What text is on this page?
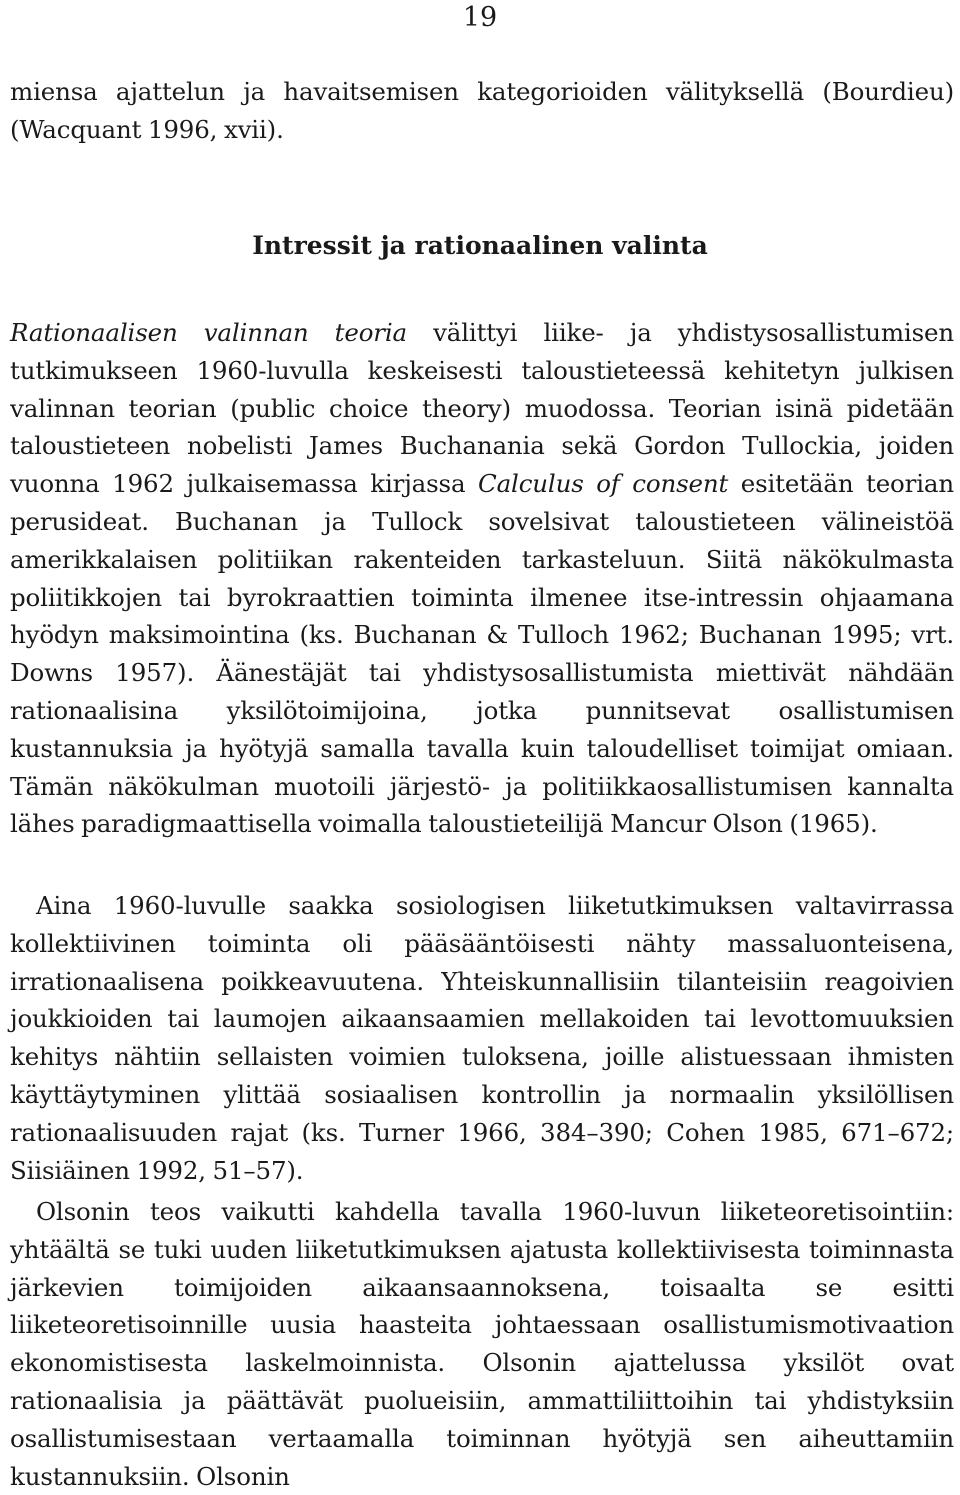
19

miensa ajattelun ja havaitsemisen kategorioiden välityksellä (Bourdieu) (Wacquant 1996, xvii).

Intressit ja rationaalinen valinta

Rationaalisen valinnan teoria välittyi liike- ja yhdistysosallistumisen tutkimukseen 1960-luvulla keskeisesti taloustieteessä kehitetyn julkisen valinnan teorian (public choice theory) muodossa. Teorian isinä pidetään taloustieteen nobelisti James Buchanania sekä Gordon Tullockia, joiden vuonna 1962 julkaisemassa kirjassa Calculus of consent esitetään teorian perusideat. Buchanan ja Tullock sovelsivat taloustieteen välineistöä amerikkalaisen politiikan rakenteiden tarkasteluun. Siitä näkökulmasta poliitikkojen tai byrokraattien toiminta ilmenee itse-intressin ohjaamana hyödyn maksimointina (ks. Buchanan & Tulloch 1962; Buchanan 1995; vrt. Downs 1957). Äänestäjät tai yhdistysosallistumista miettivät nähdään rationaalisina yksilötoimijoina, jotka punnitsevat osallistumisen kustannuksia ja hyötyjä samalla tavalla kuin taloudelliset toimijat omiaan. Tämän näkökulman muotoili järjestö- ja politiikkaosallistumisen kannalta lähes paradigmaattisella voimalla taloustieteilijä Mancur Olson (1965).

Aina 1960-luvulle saakka sosiologisen liiketutkimuksen valtavirrassa kollektiivinen toiminta oli pääsääntöisesti nähty massaluonteisena, irrationaalisena poikkeavuutena. Yhteiskunnallisiin tilanteisiin reagoivien joukkioiden tai laumojen aikaansaamien mellakoiden tai levottomuuksien kehitys nähtiin sellaisten voimien tuloksena, joille alistuessaan ihmisten käyttäytyminen ylittää sosiaalisen kontrollin ja normaalin yksilöllisen rationaalisuuden rajat (ks. Turner 1966, 384–390; Cohen 1985, 671–672; Siisiäinen 1992, 51–57).

Olsonin teos vaikutti kahdella tavalla 1960-luvun liiketeoretisointiin: yhtäältä se tuki uuden liiketutkimuksen ajatusta kollektiivisesta toiminnasta järkevien toimijoiden aikaansaannoksena, toisaalta se esitti liiketeoretisoinnille uusia haasteita johtaessaan osallistumismotivaation ekonomistisesta laskelmoinnista. Olsonin ajattelussa yksilöt ovat rationaalisia ja päättävät puolueisiin, ammattiliittoihin tai yhdistyksiin osallistumisestaan vertaamalla toiminnan hyötyjä sen aiheuttamiin kustannuksiin. Olsonin
